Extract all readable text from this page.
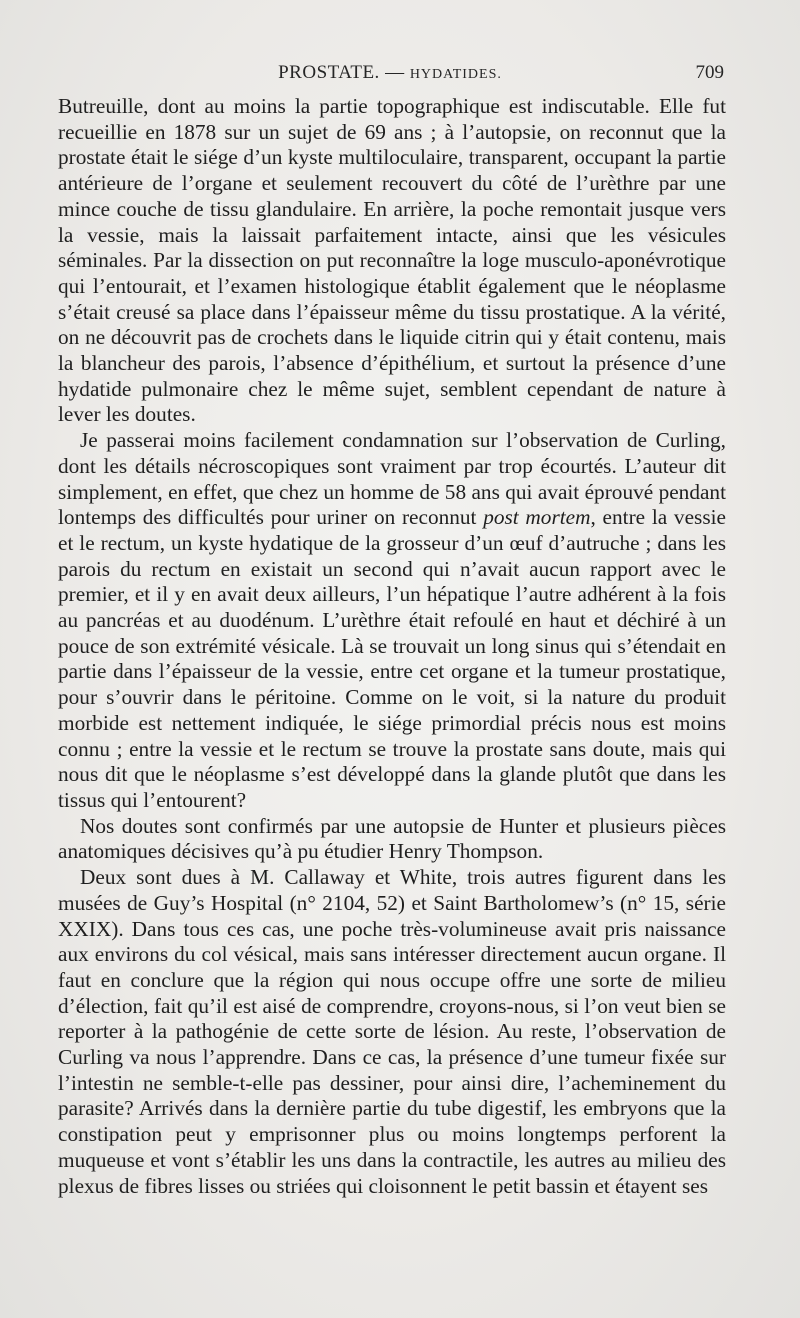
PROSTATE. — HYDATIDES.	709

Butreuille, dont au moins la partie topographique est indiscutable. Elle fut recueillie en 1878 sur un sujet de 69 ans ; à l’autopsie, on reconnut que la prostate était le siége d’un kyste multiloculaire, transparent, occupant la partie antérieure de l’organe et seulement recouvert du côté de l’urèthre par une mince couche de tissu glandulaire. En arrière, la poche remontait jusque vers la vessie, mais la laissait parfaitement intacte, ainsi que les vésicules séminales. Par la dissection on put reconnaître la loge musculo-aponévrotique qui l’entourait, et l’examen histologique établit également que le néoplasme s’était creusé sa place dans l’épaisseur même du tissu prostatique. A la vérité, on ne découvrit pas de crochets dans le liquide citrin qui y était contenu, mais la blancheur des parois, l’absence d’épithélium, et surtout la présence d’une hydatide pulmonaire chez le même sujet, semblent cependant de nature à lever les doutes.

Je passerai moins facilement condamnation sur l’observation de Curling, dont les détails nécroscopiques sont vraiment par trop écourtés. L’auteur dit simplement, en effet, que chez un homme de 58 ans qui avait éprouvé pendant lontemps des difficultés pour uriner on reconnut post mortem, entre la vessie et le rectum, un kyste hydatique de la grosseur d’un œuf d’autruche ; dans les parois du rectum en existait un second qui n’avait aucun rapport avec le premier, et il y en avait deux ailleurs, l’un hépatique l’autre adhérent à la fois au pancréas et au duodénum. L’urèthre était refoulé en haut et déchiré à un pouce de son extrémité vésicale. Là se trouvait un long sinus qui s’étendait en partie dans l’épaisseur de la vessie, entre cet organe et la tumeur prostatique, pour s’ouvrir dans le péritoine. Comme on le voit, si la nature du produit morbide est nettement indiquée, le siége primordial précis nous est moins connu ; entre la vessie et le rectum se trouve la prostate sans doute, mais qui nous dit que le néoplasme s’est développé dans la glande plutôt que dans les tissus qui l’entourent?

Nos doutes sont confirmés par une autopsie de Hunter et plusieurs pièces anatomiques décisives qu’à pu étudier Henry Thompson.

Deux sont dues à M. Callaway et White, trois autres figurent dans les musées de Guy’s Hospital (n° 2104, 52) et Saint Bartholomew’s (n° 15, série XXIX). Dans tous ces cas, une poche très-volumineuse avait pris naissance aux environs du col vésical, mais sans intéresser directement aucun organe. Il faut en conclure que la région qui nous occupe offre une sorte de milieu d’élection, fait qu’il est aisé de comprendre, croyons-nous, si l’on veut bien se reporter à la pathogénie de cette sorte de lésion. Au reste, l’observation de Curling va nous l’apprendre. Dans ce cas, la présence d’une tumeur fixée sur l’intestin ne semble-t-elle pas dessiner, pour ainsi dire, l’acheminement du parasite? Arrivés dans la dernière partie du tube digestif, les embryons que la constipation peut y emprisonner plus ou moins longtemps perforent la muqueuse et vont s’établir les uns dans la contractile, les autres au milieu des plexus de fibres lisses ou striées qui cloisonnent le petit bassin et étayent ses
